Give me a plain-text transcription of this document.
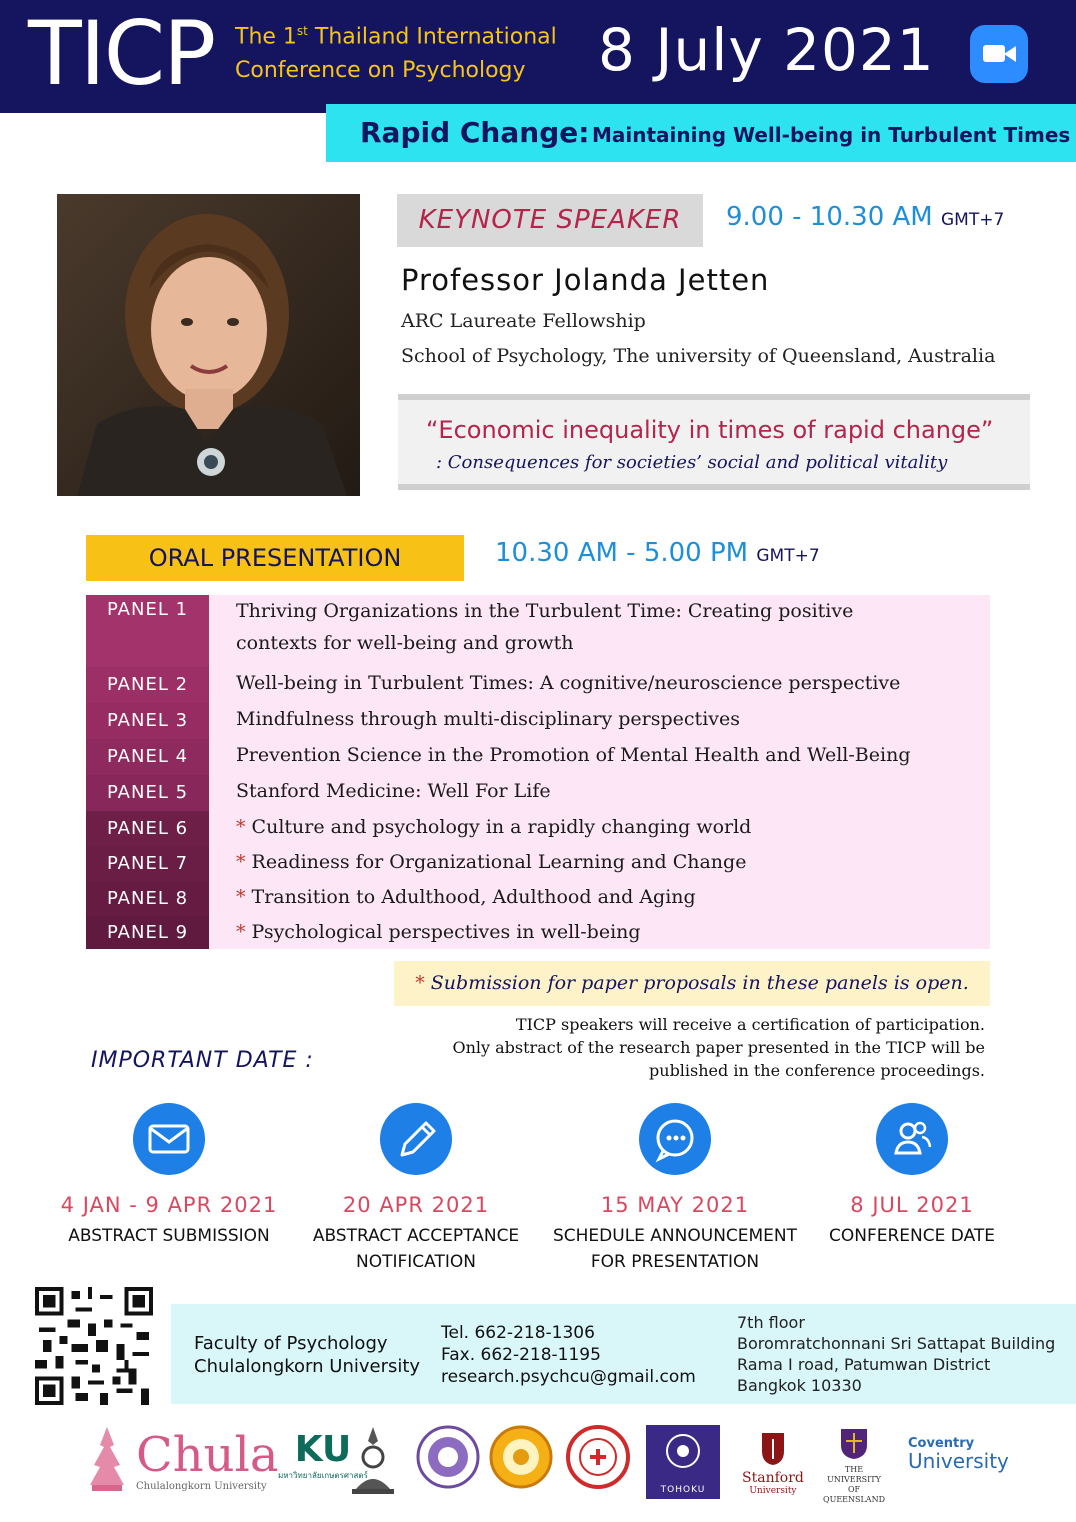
TICP The 1st Thailand International
Conference on Psychology	8 July 2021
Rapid Change: Maintaining Well-being in Turbulent Times
KEYNOTE SPEAKER	9.00 - 10.30 AM GMT+7
Professor Jolanda Jetten
ARC Laureate Fellowship
School of Psychology, The university of Queensland, Australia
“Economic inequality in times of rapid change”
: Consequences for societies’ social and political vitality
ORAL PRESENTATION	10.30 AM - 5.00 PM GMT+7
PANEL 1	Thriving Organizations in the Turbulent Time: Creating positive
contexts for well-being and growth
PANEL 2	Well-being in Turbulent Times: A cognitive/neuroscience perspective
PANEL 3	Mindfulness through multi-disciplinary perspectives
PANEL 4	Prevention Science in the Promotion of Mental Health and Well-Being
PANEL 5	Stanford Medicine: Well For Life
PANEL 6	* Culture and psychology in a rapidly changing world
PANEL 7	* Readiness for Organizational Learning and Change
PANEL 8	* Transition to Adulthood, Adulthood and Aging
PANEL 9	* Psychological perspectives in well-being
* Submission for paper proposals in these panels is open.
TICP speakers will receive a certification of participation.
Only abstract of the research paper presented in the TICP will be
published in the conference proceedings.
IMPORTANT DATE :
4 JAN - 9 APR 2021
ABSTRACT SUBMISSION
20 APR 2021
ABSTRACT ACCEPTANCE
NOTIFICATION
15 MAY 2021
SCHEDULE ANNOUNCEMENT
FOR PRESENTATION
8 JUL 2021
CONFERENCE DATE
Faculty of Psychology
Chulalongkorn University
Tel. 662-218-1306
Fax. 662-218-1195
research.psychcu@gmail.com
7th floor
Boromratchonnani Sri Sattapat Building
Rama I road, Patumwan District
Bangkok 10330
Chula
Chulalongkorn University
KU
มหาวิทยาลัยเกษตรศาสตร์
TOHOKU
Stanford
University
THE UNIVERSITY
OF QUEENSLAND
Coventry
University
